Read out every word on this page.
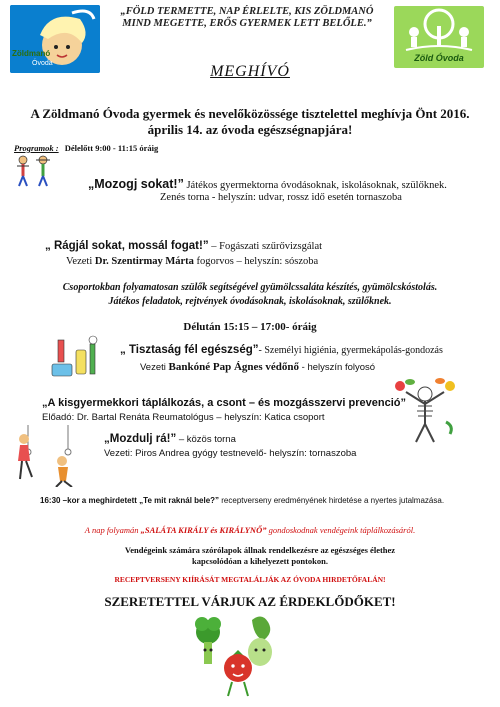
Zöldmanó
Óvoda
„FÖLD TERMETTE, NAP ÉRLELTE, KIS ZÖLDMANÓ MIND MEGETTE, ERŐS GYERMEK LETT BELŐLE.”
Zöld Óvoda
MEGHÍVÓ
A Zöldmanó Óvoda gyermek és nevelőközössége tisztelettel meghívja Önt 2016. április 14. az óvoda egészségnapjára!
Programok : Délelőtt 9:00 - 11:15 óráig
„Mozogj sokat!” Játékos gyermektorna óvodásoknak, iskolásoknak, szülőknek.
Zenés torna - helyszín: udvar, rossz idő esetén tornaszoba
„ Rágjál sokat, mossál fogat!” – Fogászati szűrővizsgálat
Vezeti Dr. Szentirmay Márta fogorvos – helyszín: sószoba
Csoportokban folyamatosan szülők segítségével gyümölcssaláta készítés, gyümölcskóstolás.
Játékos feladatok, rejtvények óvodásoknak, iskolásoknak, szülőknek.
Délután 15:15 – 17:00- óráig
„ Tisztaság fél egészség”- Személyi higiénia, gyermekápolás-gondozás
Vezeti Bankóné Pap Ágnes védőnő - helyszín folyosó
„A kisgyermekkori táplálkozás, a csont – és mozgásszervi prevenció”
Előadó: Dr. Bartal Renáta Reumatológus – helyszín: Katica csoport
„Mozdulj rá!” – közös torna
Vezeti: Piros Andrea gyógy testnevelő- helyszín: tornaszoba
16:30 –kor a meghirdetett „Te mit raknál bele?” receptverseny eredményének hirdetése a nyertes jutalmazása.
A nap folyamán „SALÁTA KIRÁLY és KIRÁLYNŐ” gondoskodnak vendégeink táplálkozásáról.
Vendégeink számára szórólapok állnak rendelkezésre az egészséges élethez kapcsolódóan a kihelyezett pontokon.
RECEPTVERSENY KIÍRÁSÁT MEGTALÁLJÁK AZ ÓVODA HIRDETŐFALÁN!
SZERETETTEL VÁRJUK AZ ÉRDEKLŐDŐKET!
